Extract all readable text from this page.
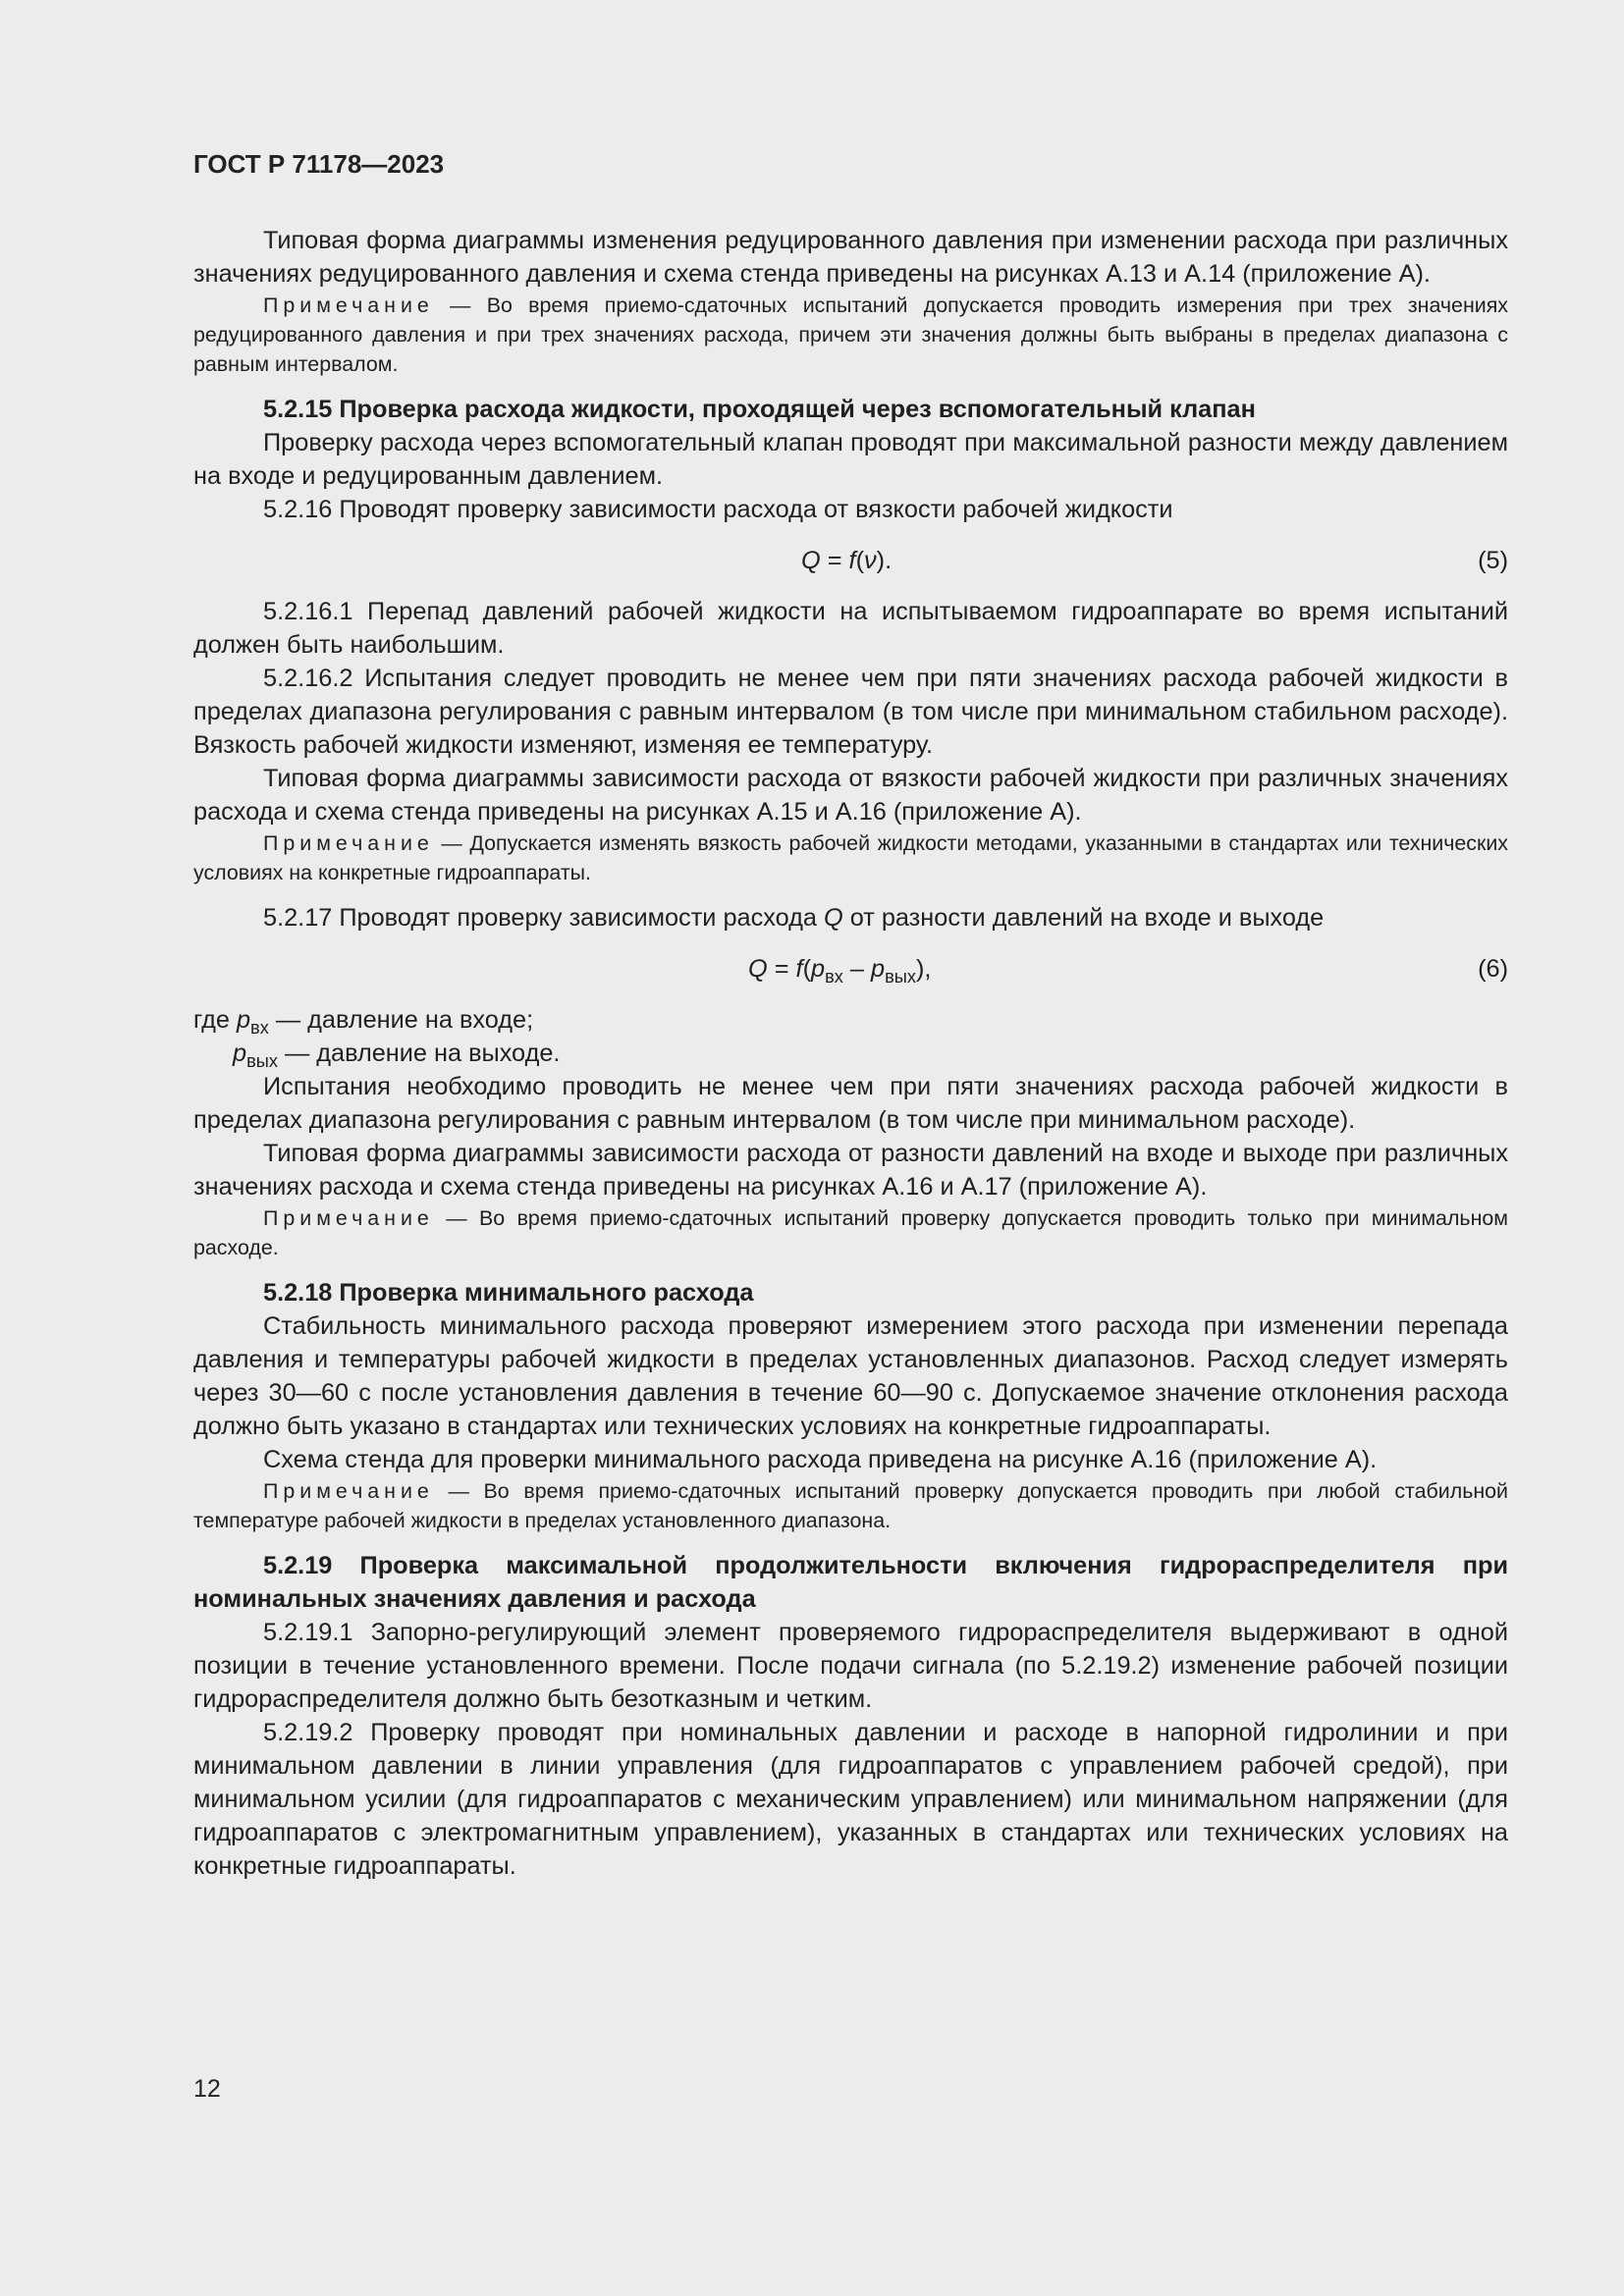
ГОСТ Р 71178—2023

Типовая форма диаграммы изменения редуцированного давления при изменении расхода при различных значениях редуцированного давления и схема стенда приведены на рисунках А.13 и А.14 (приложение А).

Примечание — Во время приемо-сдаточных испытаний допускается проводить измерения при трех значениях редуцированного давления и при трех значениях расхода, причем эти значения должны быть выбраны в пределах диапазона с равным интервалом.

5.2.15 Проверка расхода жидкости, проходящей через вспомогательный клапан

Проверку расхода через вспомогательный клапан проводят при максимальной разности между давлением на входе и редуцированным давлением.

5.2.16 Проводят проверку зависимости расхода от вязкости рабочей жидкости

Q = f(ν).	(5)

5.2.16.1 Перепад давлений рабочей жидкости на испытываемом гидроаппарате во время испытаний должен быть наибольшим.

5.2.16.2 Испытания следует проводить не менее чем при пяти значениях расхода рабочей жидкости в пределах диапазона регулирования с равным интервалом (в том числе при минимальном стабильном расходе). Вязкость рабочей жидкости изменяют, изменяя ее температуру.

Типовая форма диаграммы зависимости расхода от вязкости рабочей жидкости при различных значениях расхода и схема стенда приведены на рисунках А.15 и А.16 (приложение А).

Примечание — Допускается изменять вязкость рабочей жидкости методами, указанными в стандартах или технических условиях на конкретные гидроаппараты.

5.2.17 Проводят проверку зависимости расхода Q от разности давлений на входе и выходе

$Q = f(p_{вх} - p_{вых})$,	(6)

где $p_{вх}$ — давление на входе;

$p_{вых}$ — давление на выходе.

Испытания необходимо проводить не менее чем при пяти значениях расхода рабочей жидкости в пределах диапазона регулирования с равным интервалом (в том числе при минимальном расходе).

Типовая форма диаграммы зависимости расхода от разности давлений на входе и выходе при различных значениях расхода и схема стенда приведены на рисунках А.16 и А.17 (приложение А).

Примечание — Во время приемо-сдаточных испытаний проверку допускается проводить только при минимальном расходе.

5.2.18 Проверка минимального расхода

Стабильность минимального расхода проверяют измерением этого расхода при изменении перепада давления и температуры рабочей жидкости в пределах установленных диапазонов. Расход следует измерять через 30—60 с после установления давления в течение 60—90 с. Допускаемое значение отклонения расхода должно быть указано в стандартах или технических условиях на конкретные гидроаппараты.

Схема стенда для проверки минимального расхода приведена на рисунке А.16 (приложение А).

Примечание — Во время приемо-сдаточных испытаний проверку допускается проводить при любой стабильной температуре рабочей жидкости в пределах установленного диапазона.

5.2.19 Проверка максимальной продолжительности включения гидрораспределителя при номинальных значениях давления и расхода

5.2.19.1 Запорно-регулирующий элемент проверяемого гидрораспределителя выдерживают в одной позиции в течение установленного времени. После подачи сигнала (по 5.2.19.2) изменение рабочей позиции гидрораспределителя должно быть безотказным и четким.

5.2.19.2 Проверку проводят при номинальных давлении и расходе в напорной гидролинии и при минимальном давлении в линии управления (для гидроаппаратов с управлением рабочей средой), при минимальном усилии (для гидроаппаратов с механическим управлением) или минимальном напряжении (для гидроаппаратов с электромагнитным управлением), указанных в стандартах или технических условиях на конкретные гидроаппараты.

12
